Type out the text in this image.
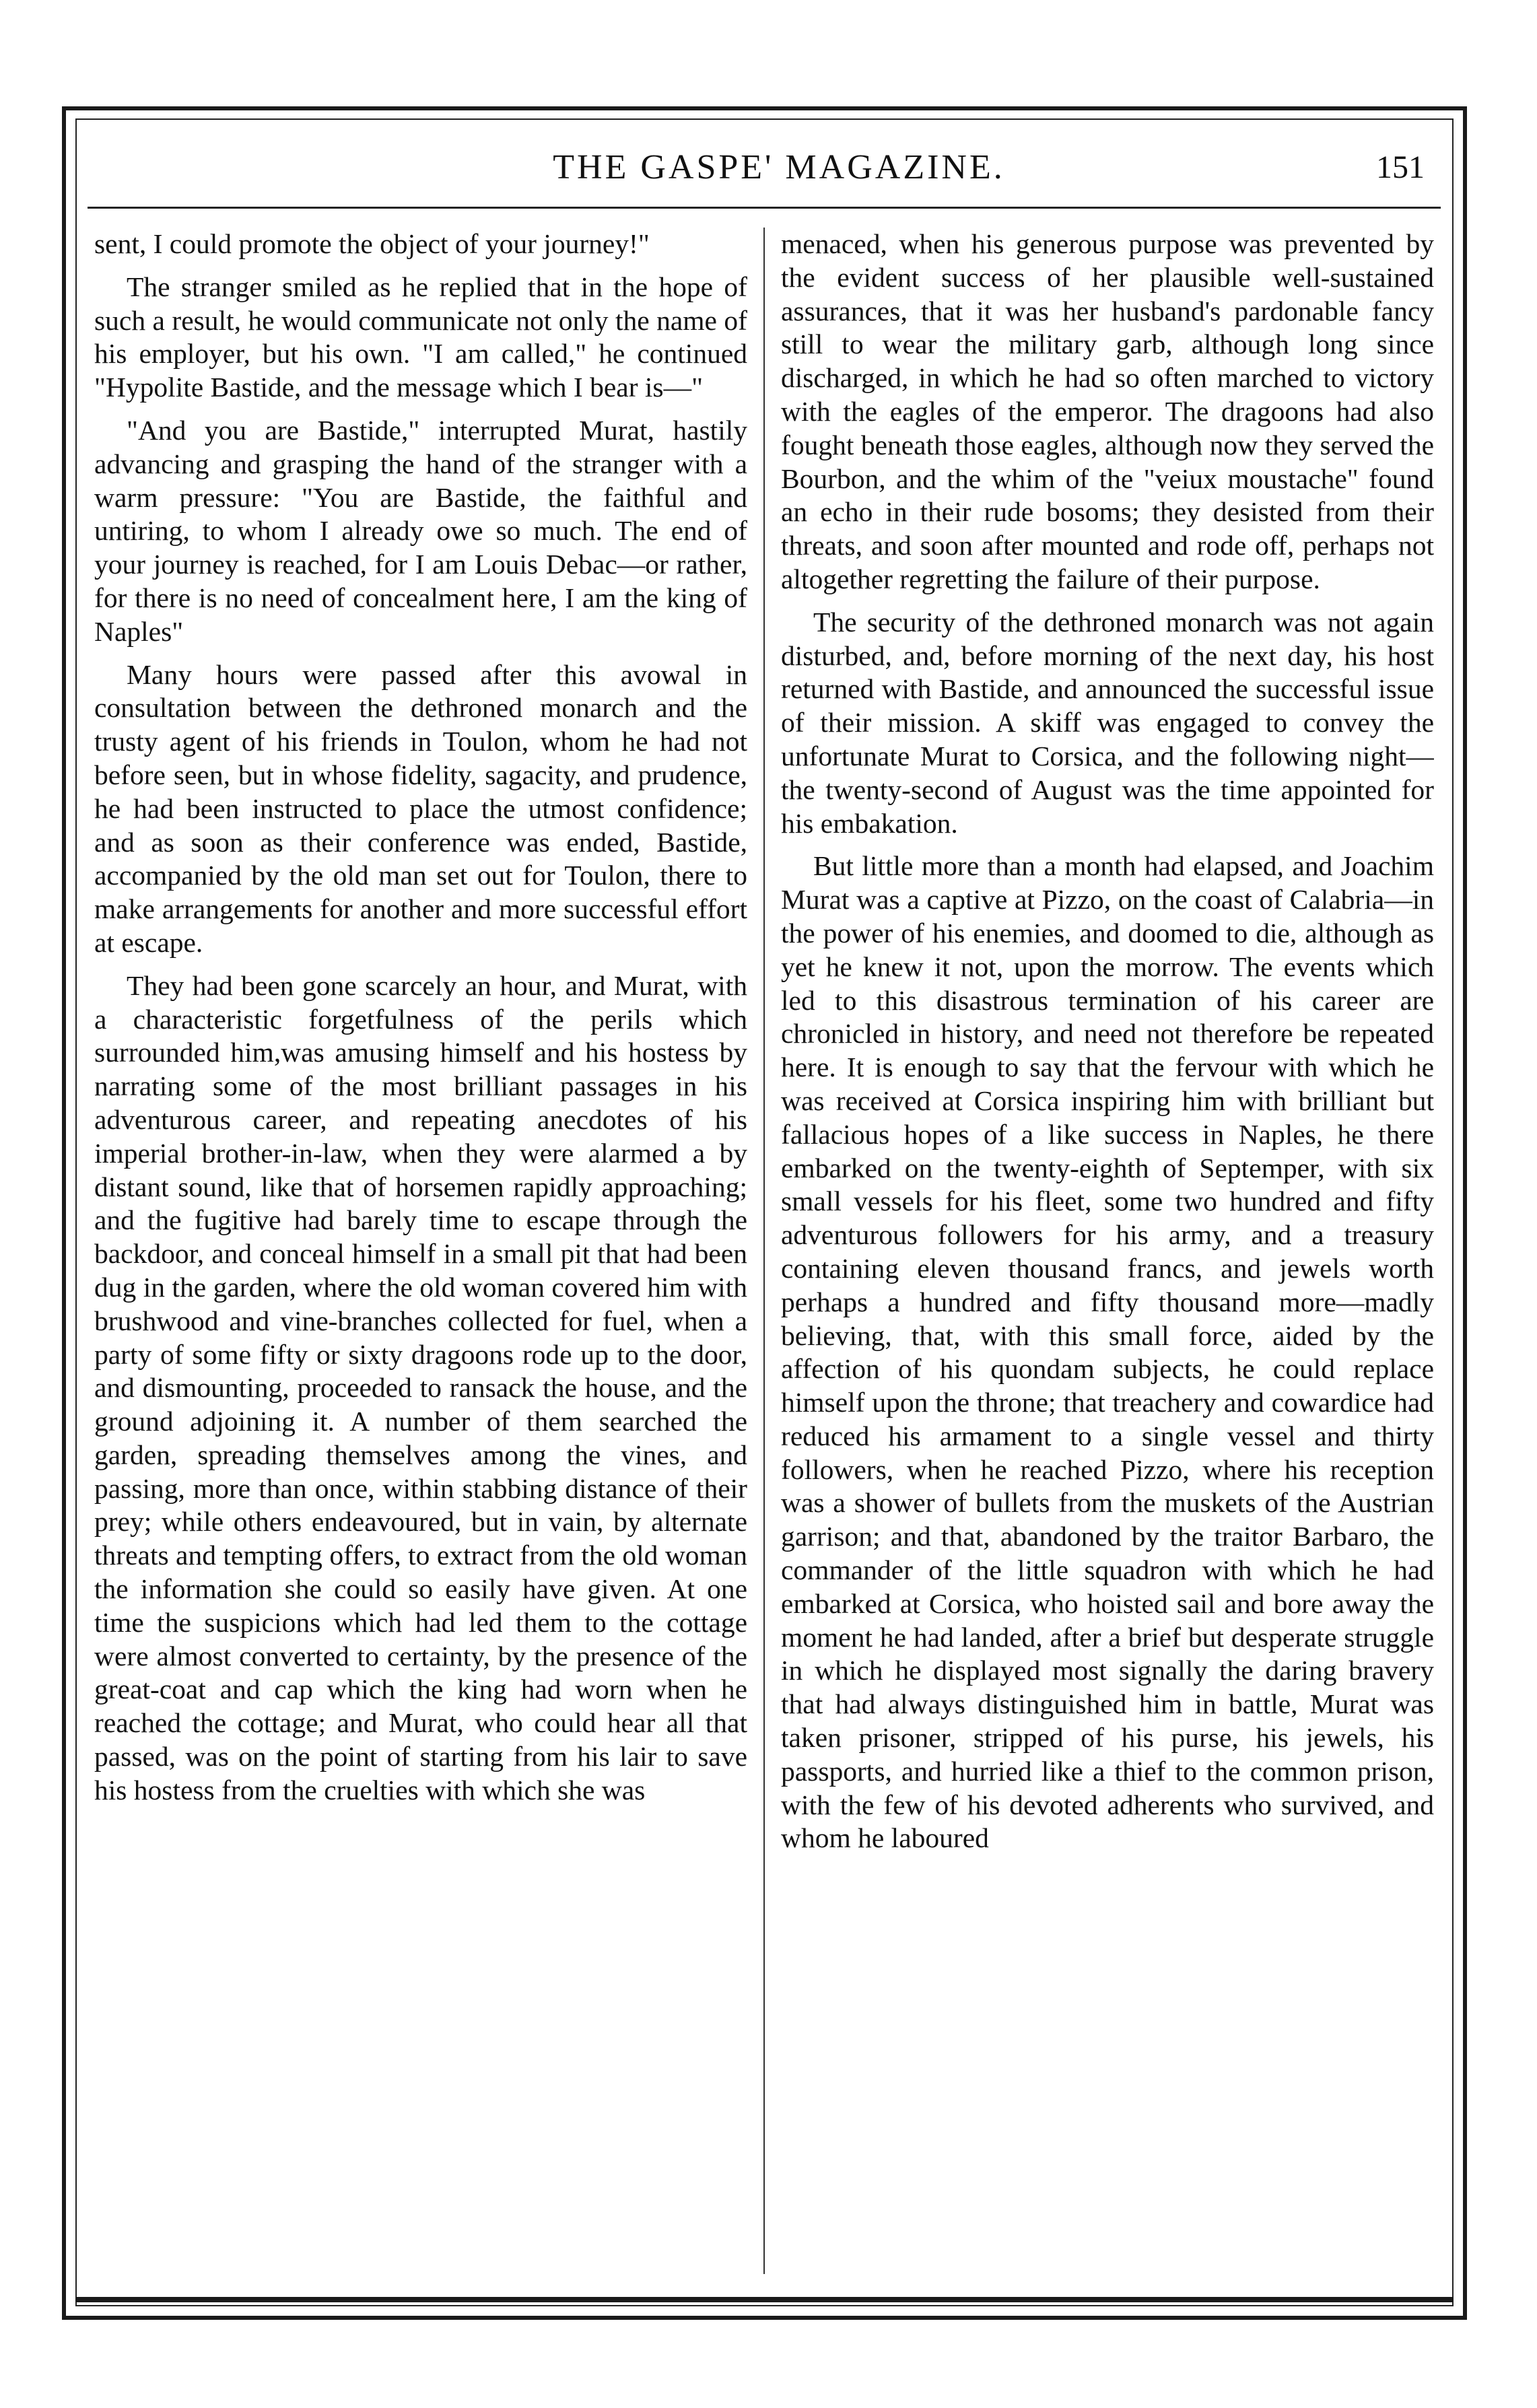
THE GASPE' MAGAZINE.	151

sent, I could promote the object of your journey!"

The stranger smiled as he replied that in the hope of such a result, he would communicate not only the name of his employer, but his own. "I am called," he continued "Hypolite Bastide, and the message which I bear is—"

"And you are Bastide," interrupted Murat, hastily advancing and grasping the hand of the stranger with a warm pressure: "You are Bastide, the faithful and untiring, to whom I already owe so much. The end of your journey is reached, for I am Louis Debac—or rather, for there is no need of concealment here, I am the king of Naples"

Many hours were passed after this avowal in consultation between the dethroned monarch and the trusty agent of his friends in Toulon, whom he had not before seen, but in whose fidelity, sagacity, and prudence, he had been instructed to place the utmost confidence; and as soon as their conference was ended, Bastide, accompanied by the old man set out for Toulon, there to make arrangements for another and more successful effort at escape.

They had been gone scarcely an hour, and Murat, with a characteristic forgetfulness of the perils which surrounded him,was amusing himself and his hostess by narrating some of the most brilliant passages in his adventurous career, and repeating anecdotes of his imperial brother-in-law, when they were alarmed a by distant sound, like that of horsemen rapidly approaching; and the fugitive had barely time to escape through the backdoor, and conceal himself in a small pit that had been dug in the garden, where the old woman covered him with brushwood and vine-branches collected for fuel, when a party of some fifty or sixty dragoons rode up to the door, and dismounting, proceeded to ransack the house, and the ground adjoining it. A number of them searched the garden, spreading themselves among the vines, and passing, more than once, within stabbing distance of their prey; while others endeavoured, but in vain, by alternate threats and tempting offers, to extract from the old woman the information she could so easily have given. At one time the suspicions which had led them to the cottage were almost converted to certainty, by the presence of the great-coat and cap which the king had worn when he reached the cottage; and Murat, who could hear all that passed, was on the point of starting from his lair to save his hostess from the cruelties with which she was

menaced, when his generous purpose was prevented by the evident success of her plausible well-sustained assurances, that it was her husband's pardonable fancy still to wear the military garb, although long since discharged, in which he had so often marched to victory with the eagles of the emperor. The dragoons had also fought beneath those eagles, although now they served the Bourbon, and the whim of the "veiux moustache" found an echo in their rude bosoms; they desisted from their threats, and soon after mounted and rode off, perhaps not altogether regretting the failure of their purpose.

The security of the dethroned monarch was not again disturbed, and, before morning of the next day, his host returned with Bastide, and announced the successful issue of their mission. A skiff was engaged to convey the unfortunate Murat to Corsica, and the following night—the twenty-second of August was the time appointed for his embakation.

But little more than a month had elapsed, and Joachim Murat was a captive at Pizzo, on the coast of Calabria—in the power of his enemies, and doomed to die, although as yet he knew it not, upon the morrow. The events which led to this disastrous termination of his career are chronicled in history, and need not therefore be repeated here. It is enough to say that the fervour with which he was received at Corsica inspiring him with brilliant but fallacious hopes of a like success in Naples, he there embarked on the twenty-eighth of Septemper, with six small vessels for his fleet, some two hundred and fifty adventurous followers for his army, and a treasury containing eleven thousand francs, and jewels worth perhaps a hundred and fifty thousand more—madly believing, that, with this small force, aided by the affection of his quondam subjects, he could replace himself upon the throne; that treachery and cowardice had reduced his armament to a single vessel and thirty followers, when he reached Pizzo, where his reception was a shower of bullets from the muskets of the Austrian garrison; and that, abandoned by the traitor Barbaro, the commander of the little squadron with which he had embarked at Corsica, who hoisted sail and bore away the moment he had landed, after a brief but desperate struggle in which he displayed most signally the daring bravery that had always distinguished him in battle, Murat was taken prisoner, stripped of his purse, his jewels, his passports, and hurried like a thief to the common prison, with the few of his devoted adherents who survived, and whom he laboured
